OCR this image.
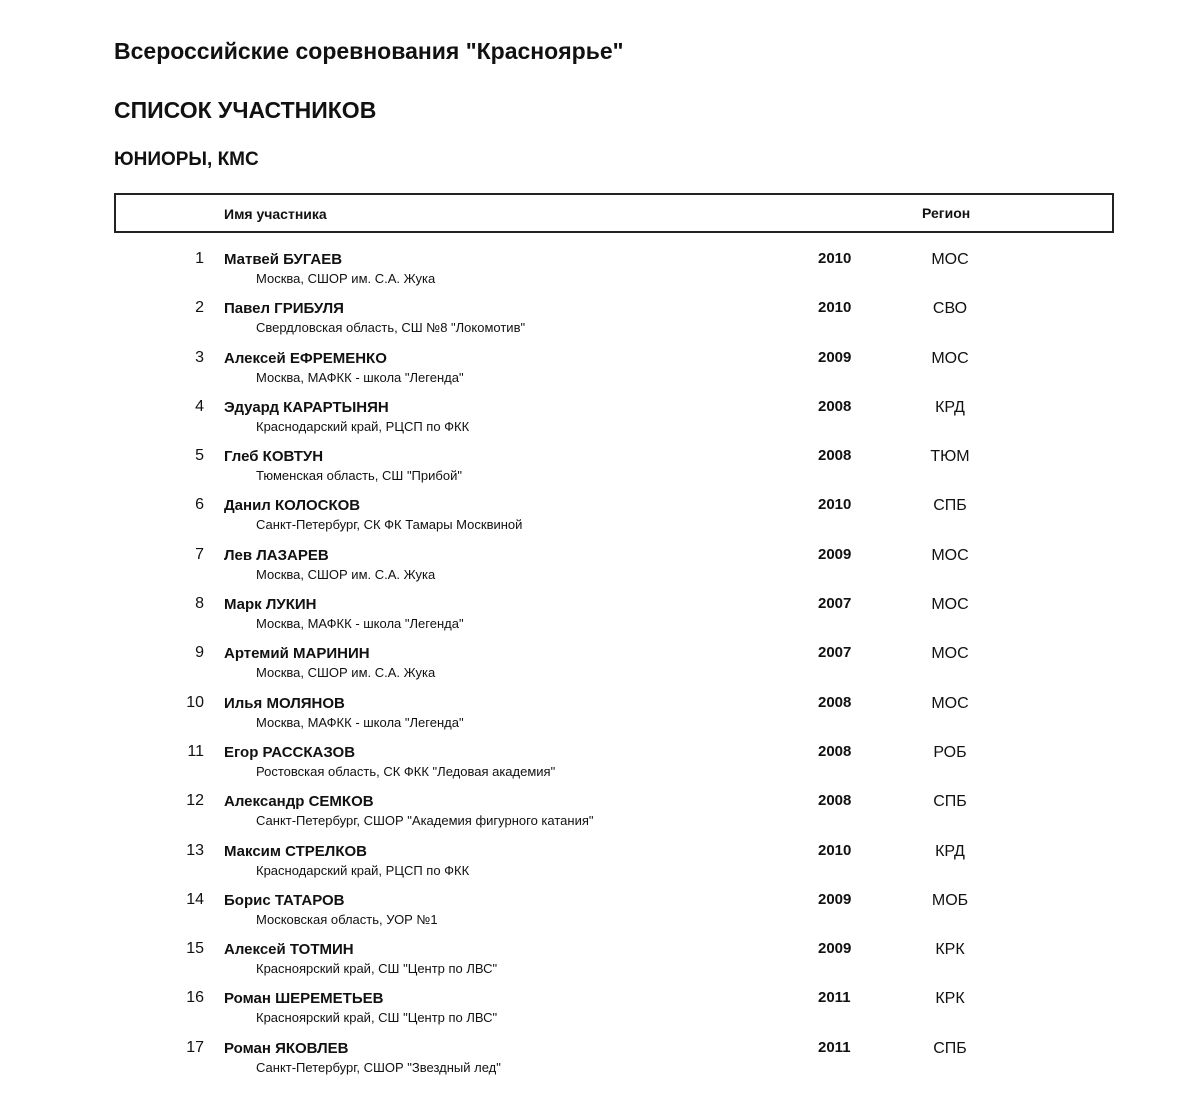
Всероссийские соревнования "Краснoярье"
СПИСОК УЧАСТНИКОВ
ЮНИОРЫ, КМС
Имя участника	Регион
1 Матвей БУГАЕВ
Москва, СШОР им. С.А. Жука
2010	МОС
2 Павел ГРИБУЛЯ
Свердловская область, СШ №8 "Локомотив"
2010	СВО
3 Алексей ЕФРЕМЕНКО
Москва, МАФКК - школа "Легенда"
2009	МОС
4 Эдуард КАРАРТЫНЯН
Краснодарский край, РЦСП по ФКК
2008	КРД
5 Глеб КОВТУН
Тюменская область, СШ "Прибой"
2008	ТЮМ
6 Данил КОЛОСКОВ
Санкт-Петербург, СК ФК Тамары Москвиной
2010	СПБ
7 Лев ЛАЗАРЕВ
Москва, СШОР им. С.А. Жука
2009	МОС
8 Марк ЛУКИН
Москва, МАФКК - школа "Легенда"
2007	МОС
9 Артемий МАРИНИН
Москва, СШОР им. С.А. Жука
2007	МОС
10 Илья МОЛЯНОВ
Москва, МАФКК - школа "Легенда"
2008	МОС
11 Егор РАССКАЗОВ
Ростовская область, СК ФКК "Ледовая академия"
2008	РОБ
12 Александр СЕМКОВ
Санкт-Петербург, СШОР "Академия фигурного катания"
2008	СПБ
13 Максим СТРЕЛКОВ
Краснодарский край, РЦСП по ФКК
2010	КРД
14 Борис ТАТАРОВ
Московская область, УОР №1
2009	МОБ
15 Алексей ТОТМИН
Красноярский край, СШ "Центр по ЛВС"
2009	КРК
16 Роман ШЕРЕМЕТЬЕВ
Красноярский край, СШ "Центр по ЛВС"
2011	КРК
17 Роман ЯКОВЛЕВ
Санкт-Петербург, СШОР "Звездный лед"
2011	СПБ
